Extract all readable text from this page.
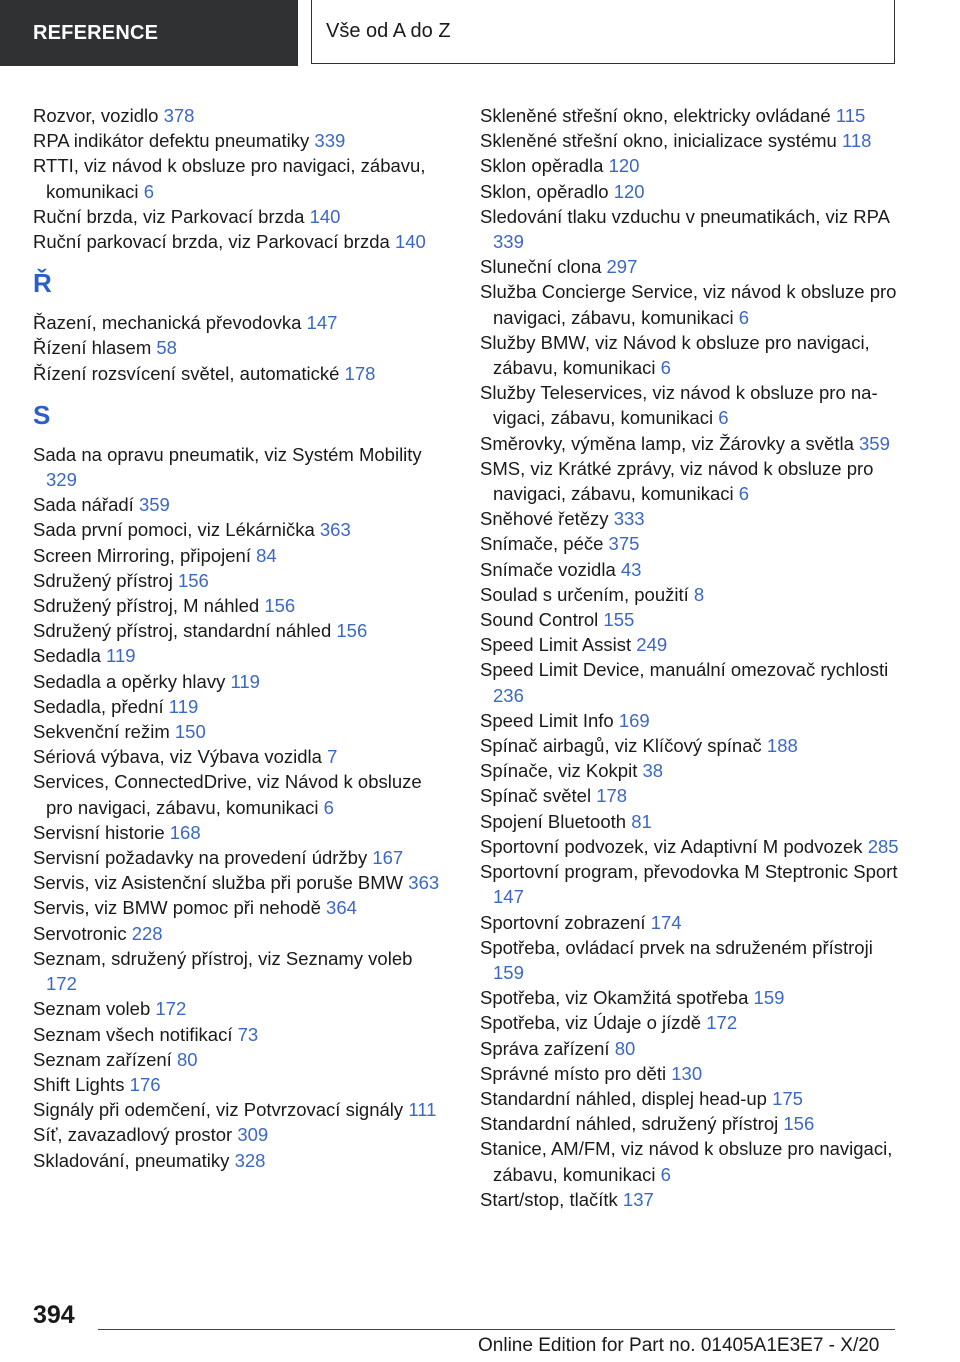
REFERENCE	Vše od A do Z

Rozvor, vozidlo 378

RPA indikátor defektu pneumatiky 339

RTTI, viz návod k obsluze pro navigaci, zábavu, komunikaci 6

Ruční brzda, viz Parkovací brzda 140

Ruční parkovací brzda, viz Parkovací brzda 140

Ř

Řazení, mechanická převodovka 147

Řízení hlasem 58

Řízení rozsvícení světel, automatické 178

S

Sada na opravu pneumatik, viz Systém Mobility 329

Sada nářadí 359

Sada první pomoci, viz Lékárnička 363

Screen Mirroring, připojení 84

Sdružený přístroj 156

Sdružený přístroj, M náhled 156

Sdružený přístroj, standardní náhled 156

Sedadla 119

Sedadla a opěrky hlavy 119

Sedadla, přední 119

Sekvenční režim 150

Sériová výbava, viz Výbava vozidla 7

Services, ConnectedDrive, viz Návod k obsluze pro navigaci, zábavu, komunikaci 6

Servisní historie 168

Servisní požadavky na provedení údržby 167

Servis, viz Asistenční služba při poruše BMW 363

Servis, viz BMW pomoc při nehodě 364

Servotronic 228

Seznam, sdružený přístroj, viz Seznamy voleb 172

Seznam voleb 172

Seznam všech notifikací 73

Seznam zařízení 80

Shift Lights 176

Signály při odemčení, viz Potvrzovací signály 111

Síť, zavazadlový prostor 309

Skladování, pneumatiky 328

Skleněné střešní okno, elektricky ovládané 115

Skleněné střešní okno, inicializace systému 118

Sklon opěradla 120

Sklon, opěradlo 120

Sledování tlaku vzduchu v pneumatikách, viz RPA 339

Sluneční clona 297

Služba Concierge Service, viz návod k obsluze pro navigaci, zábavu, komunikaci 6

Služby BMW, viz Návod k obsluze pro navigaci, zábavu, komunikaci 6

Služby Teleservices, viz návod k obsluze pro navigaci, zábavu, komunikaci 6

Směrovky, výměna lamp, viz Žárovky a světla 359

SMS, viz Krátké zprávy, viz návod k obsluze pro navigaci, zábavu, komunikaci 6

Sněhové řetězy 333

Snímače, péče 375

Snímače vozidla 43

Soulad s určením, použití 8

Sound Control 155

Speed Limit Assist 249

Speed Limit Device, manuální omezovač rychlosti 236

Speed Limit Info 169

Spínač airbagů, viz Klíčový spínač 188

Spínače, viz Kokpit 38

Spínač světel 178

Spojení Bluetooth 81

Sportovní podvozek, viz Adaptivní M podvozek 285

Sportovní program, převodovka M Steptronic Sport 147

Sportovní zobrazení 174

Spotřeba, ovládací prvek na sdruženém přístroji 159

Spotřeba, viz Okamžitá spotřeba 159

Spotřeba, viz Údaje o jízdě 172

Správa zařízení 80

Správné místo pro děti 130

Standardní náhled, displej head-up 175

Standardní náhled, sdružený přístroj 156

Stanice, AM/FM, viz návod k obsluze pro navigaci, zábavu, komunikaci 6

Start/stop, tlačítk 137

394
Online Edition for Part no. 01405A1E3E7 - X/20
